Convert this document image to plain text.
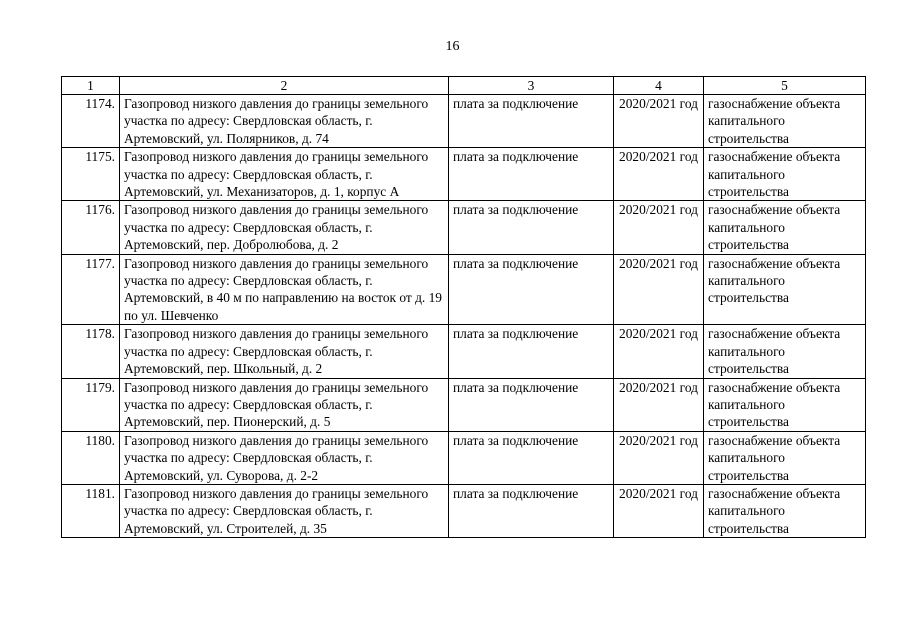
16
1	2	3	4	5
1174.	Газопровод низкого давления до границы земельного участка по адресу: Свердловская область, г. Артемовский, ул. Полярников, д. 74	плата за подключение	2020/2021 год	газоснабжение объекта капитального строительства
1175.	Газопровод низкого давления до границы земельного участка по адресу: Свердловская область, г. Артемовский, ул. Механизаторов, д. 1, корпус А	плата за подключение	2020/2021 год	газоснабжение объекта капитального строительства
1176.	Газопровод низкого давления до границы земельного участка по адресу: Свердловская область, г. Артемовский, пер. Добролюбова, д. 2	плата за подключение	2020/2021 год	газоснабжение объекта капитального строительства
1177.	Газопровод низкого давления до границы земельного участка по адресу: Свердловская область, г. Артемовский, в 40 м по направлению на восток от д. 19 по ул. Шевченко	плата за подключение	2020/2021 год	газоснабжение объекта капитального строительства
1178.	Газопровод низкого давления до границы земельного участка по адресу: Свердловская область, г. Артемовский, пер. Школьный, д. 2	плата за подключение	2020/2021 год	газоснабжение объекта капитального строительства
1179.	Газопровод низкого давления до границы земельного участка по адресу: Свердловская область, г. Артемовский, пер. Пионерский, д. 5	плата за подключение	2020/2021 год	газоснабжение объекта капитального строительства
1180.	Газопровод низкого давления до границы земельного участка по адресу: Свердловская область, г. Артемовский, ул. Суворова, д. 2-2	плата за подключение	2020/2021 год	газоснабжение объекта капитального строительства
1181.	Газопровод низкого давления до границы земельного участка по адресу: Свердловская область, г. Артемовский, ул. Строителей, д. 35	плата за подключение	2020/2021 год	газоснабжение объекта капитального строительства
